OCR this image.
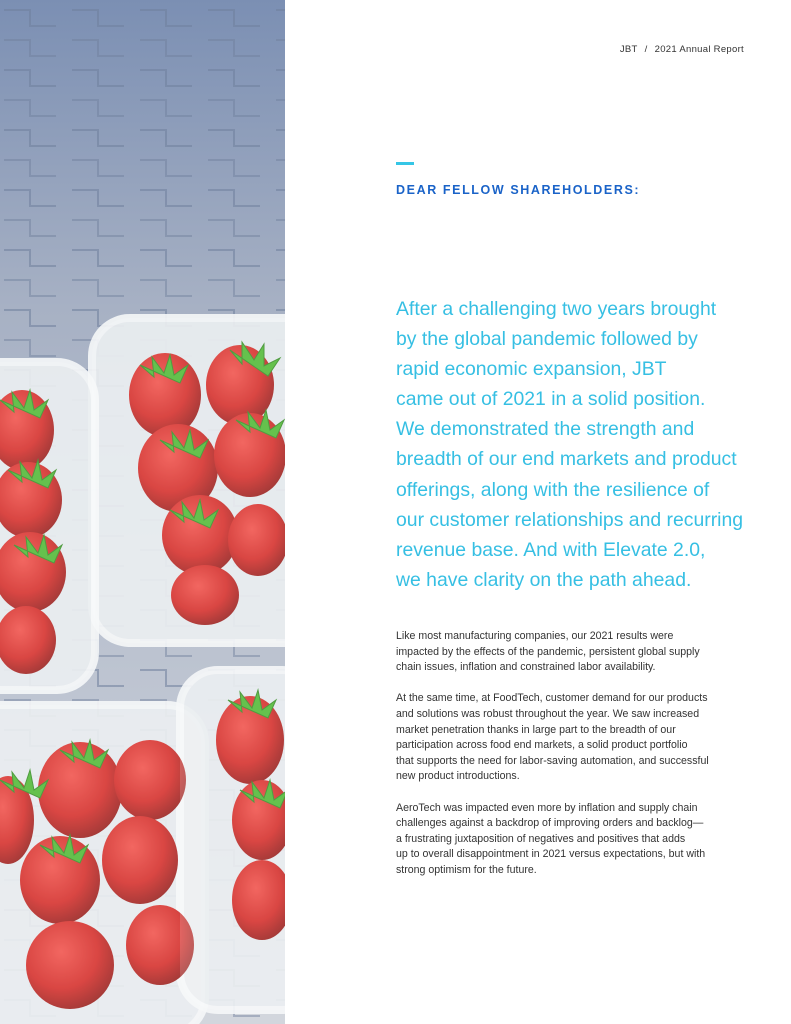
JBT / 2021 Annual Report
DEAR FELLOW SHAREHOLDERS:
After a challenging two years brought
by the global pandemic followed by
rapid economic expansion, JBT
came out of 2021 in a solid position.
We demonstrated the strength and
breadth of our end markets and product
offerings, along with the resilience of
our customer relationships and recurring
revenue base. And with Elevate 2.0,
we have clarity on the path ahead.

Like most manufacturing companies, our 2021 results were
impacted by the effects of the pandemic, persistent global supply
chain issues, inflation and constrained labor availability.

At the same time, at FoodTech, customer demand for our products
and solutions was robust throughout the year. We saw increased
market penetration thanks in large part to the breadth of our
participation across food end markets, a solid product portfolio
that supports the need for labor-saving automation, and successful
new product introductions.

AeroTech was impacted even more by inflation and supply chain
challenges against a backdrop of improving orders and backlog—
a frustrating juxtaposition of negatives and positives that adds
up to overall disappointment in 2021 versus expectations, but with
strong optimism for the future.
